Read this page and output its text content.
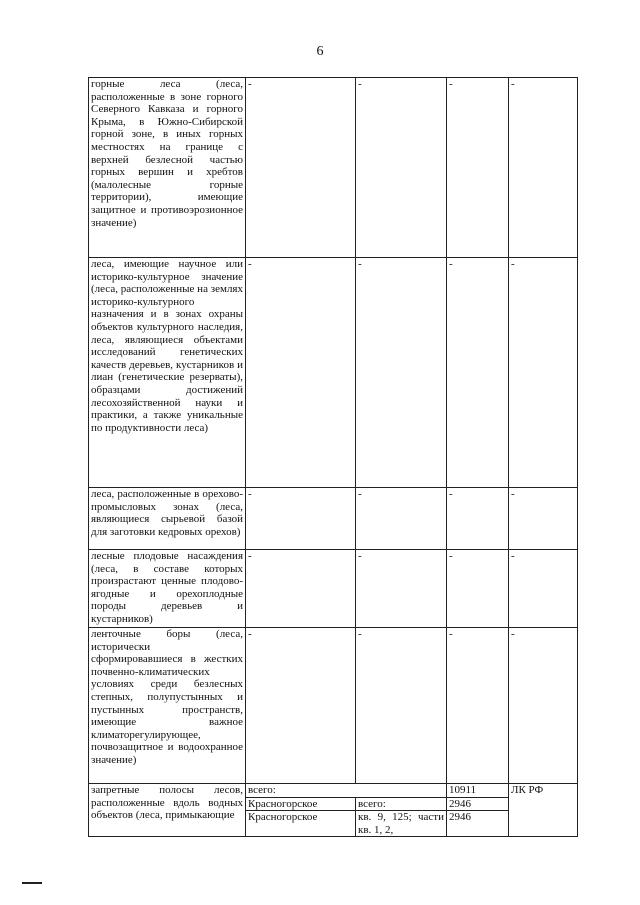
6
горные леса (леса, расположенные в зоне горного Северного Кавказа и горного Крыма, в Южно-Сибирской горной зоне, в иных горных местностях на границе с верхней безлесной частью горных вершин и хребтов (малолесные горные территории), имеющие защитное и противоэрозионное значение)	-	-	-	-
леса, имеющие научное или историко-культурное значение (леса, расположенные на землях историко-культурного назначения и в зонах охраны объектов культурного наследия, леса, являющиеся объектами исследований генетических качеств деревьев, кустарников и лиан (генетические резерваты), образцами достижений лесохозяйственной науки и практики, а также уникальные по продуктивности леса)	-	-	-	-
леса, расположенные в орехово-промысловых зонах (леса, являющиеся сырьевой базой для заготовки кедровых орехов)	-	-	-	-
лесные плодовые насаждения (леса, в составе которых произрастают ценные плодово-ягодные и орехоплодные породы деревьев и кустарников)	-	-	-	-
ленточные боры (леса, исторически сформировавшиеся в жестких почвенно-климатических условиях среди безлесных степных, полупустынных и пустынных пространств, имеющие важное климаторегулирующее, почвозащитное и водоохранное значение)	-	-	-	-
запретные полосы лесов, расположенные вдоль водных объектов (леса, примыкающие	всего:		10911	ЛК РФ
	Красногорское	всего:	2946	
	Красногорское	кв. 9, 125; части кв. 1, 2,	2946	
